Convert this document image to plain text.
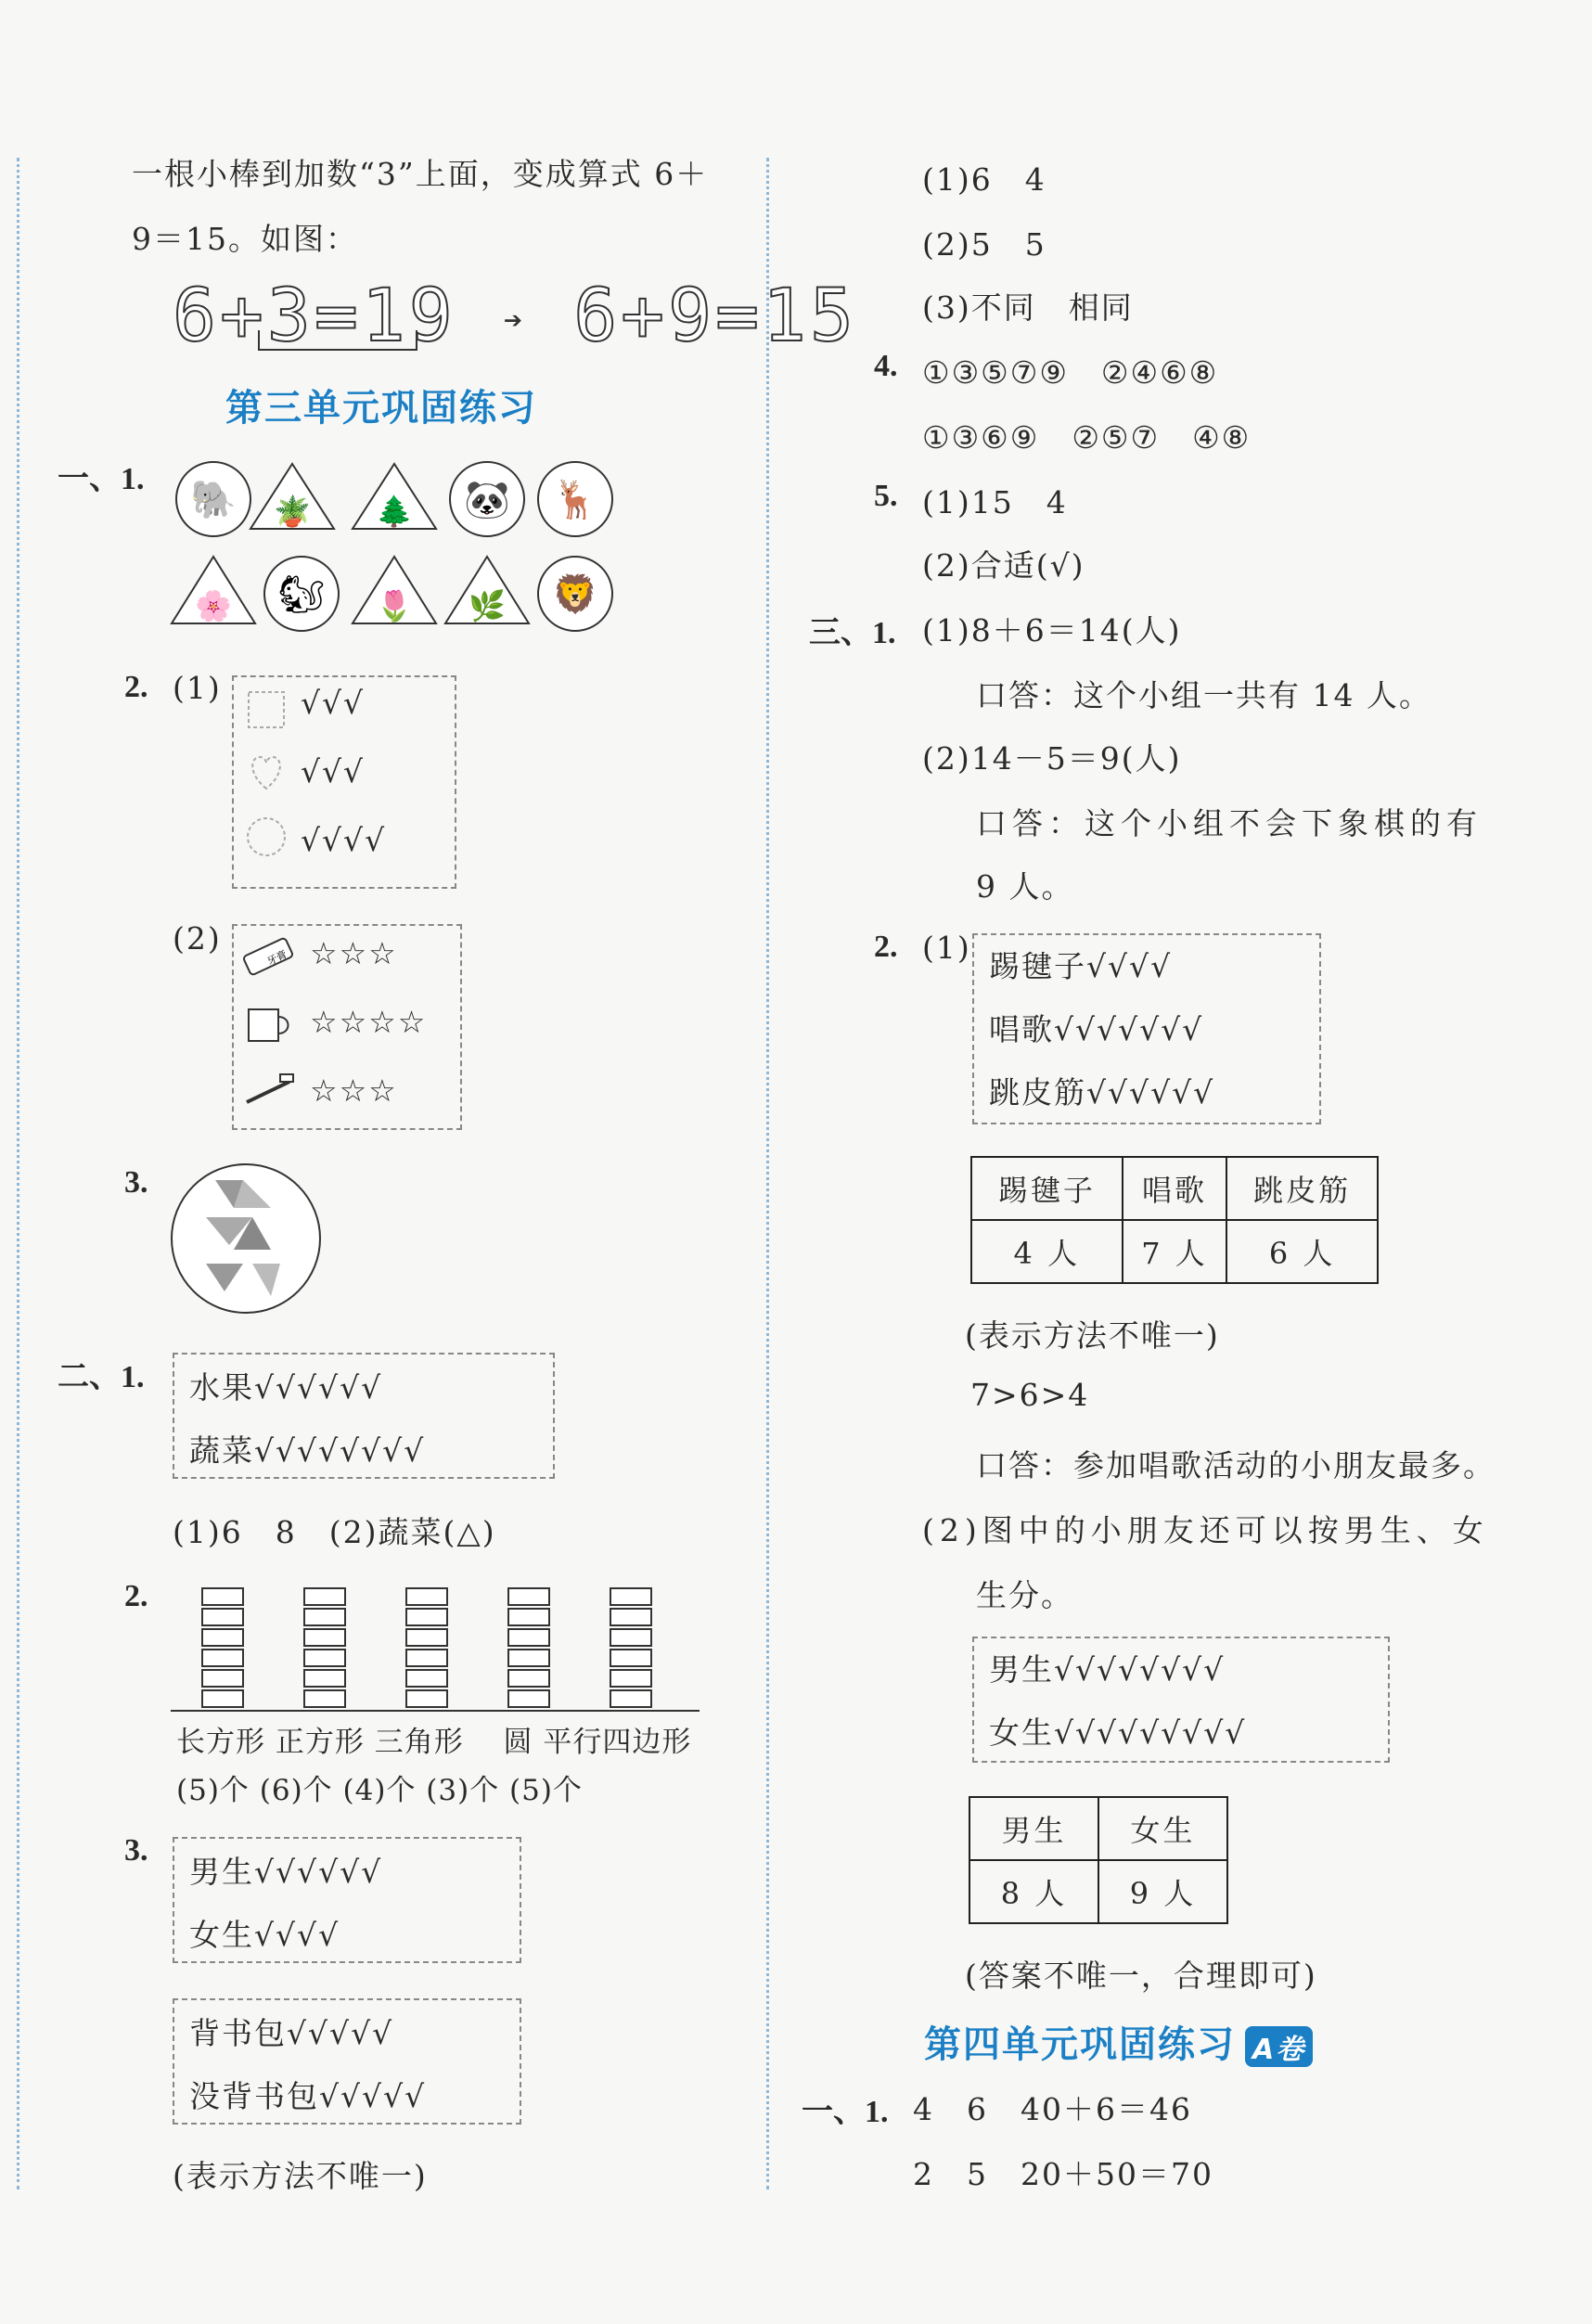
一根小棒到加数“3”上面，变成算式 6＋
9＝15。如图：
6+3=19 ➔ 6+9=15
第三单元巩固练习
一、1. 🐘 🪴 🌲 🐼 🦌
🌸 🐿 🌷 🌿 🦁
2. (1)	√√√
√√√
√√√√
(2)
牙膏 ☆☆☆
☆☆☆☆
☆☆☆
3.
二、1. 水果√√√√√√
蔬菜√√√√√√√√
(1)6　8　(2)蔬菜(△)
2.
长方形 正方形 三角形　 圆 平行四边形
(5)个 (6)个 (4)个 (3)个 (5)个
3.
男生√√√√√√
女生√√√√
背书包√√√√√
没背书包√√√√√
(表示方法不唯一)
(1)6　4
(2)5　5
(3)不同　相同
4. ①③⑤⑦⑨　②④⑥⑧
①③⑥⑨　②⑤⑦　④⑧
5. (1)15　4
(2)合适(√)
三、1. (1)8＋6＝14(人)
口答：这个小组一共有 14 人。
(2)14－5＝9(人)
口答：这个小组不会下象棋的有
9 人。
2. (1)
踢毽子√√√√
唱歌√√√√√√√
跳皮筋√√√√√√
踢毽子	唱歌	跳皮筋
4 人	7 人	6 人
(表示方法不唯一)
7>6>4
口答：参加唱歌活动的小朋友最多。
(2)图中的小朋友还可以按男生、女
生分。
男生√√√√√√√√
女生√√√√√√√√√
男生	女生
8 人	9 人
(答案不唯一，合理即可)
第四单元巩固练习 A卷
一、1. 4　6　40＋6＝46
2　5　20＋50＝70
